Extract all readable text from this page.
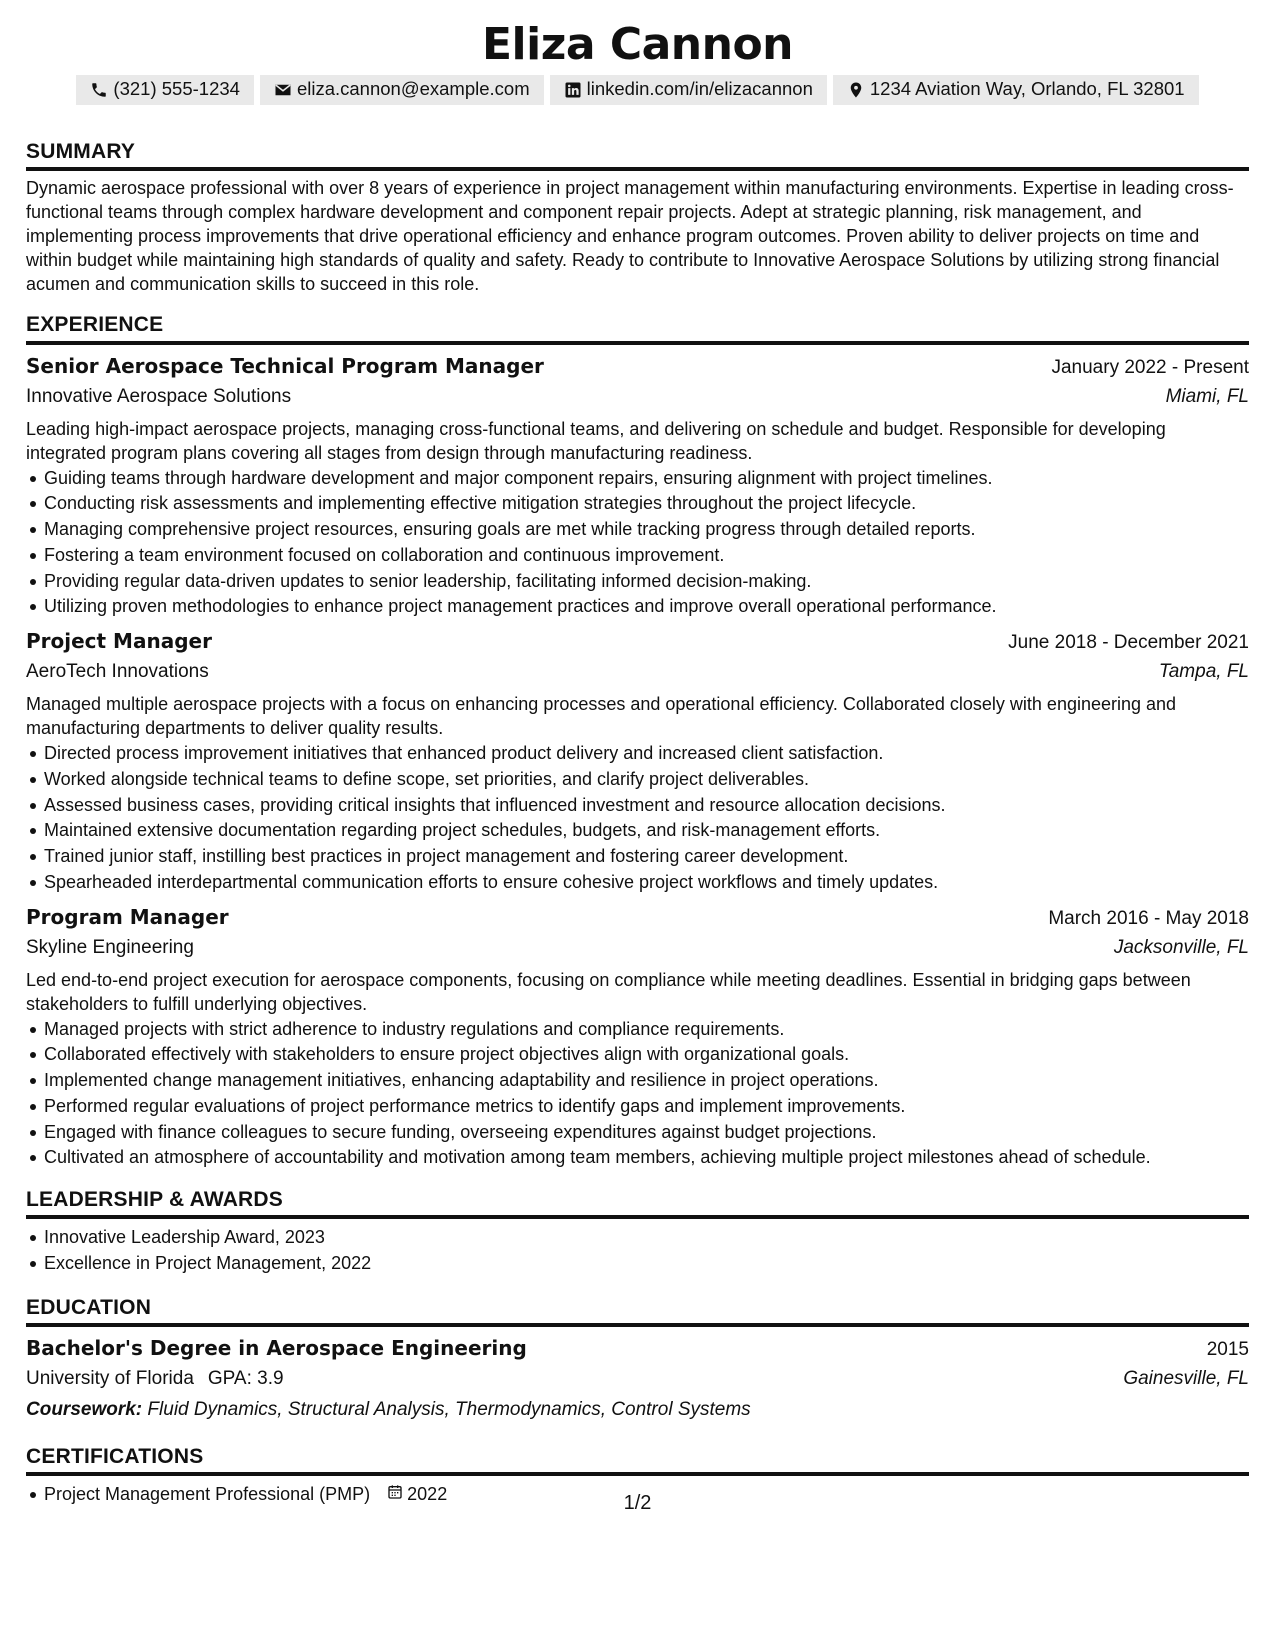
Eliza Cannon
(321) 555-1234	eliza.cannon@example.com	linkedin.com/in/elizacannon	1234 Aviation Way, Orlando, FL 32801
SUMMARY

Dynamic aerospace professional with over 8 years of experience in project management within manufacturing environments. Expertise in leading cross-functional teams through complex hardware development and component repair projects. Adept at strategic planning, risk management, and implementing process improvements that drive operational efficiency and enhance program outcomes. Proven ability to deliver projects on time and within budget while maintaining high standards of quality and safety. Ready to contribute to Innovative Aerospace Solutions by utilizing strong financial acumen and communication skills to succeed in this role.

EXPERIENCE
Senior Aerospace Technical Program Manager	January 2022 - Present
Innovative Aerospace Solutions	Miami, FL

Leading high-impact aerospace projects, managing cross-functional teams, and delivering on schedule and budget. Responsible for developing integrated program plans covering all stages from design through manufacturing readiness.

Guiding teams through hardware development and major component repairs, ensuring alignment with project timelines.
Conducting risk assessments and implementing effective mitigation strategies throughout the project lifecycle.
Managing comprehensive project resources, ensuring goals are met while tracking progress through detailed reports.
Fostering a team environment focused on collaboration and continuous improvement.
Providing regular data-driven updates to senior leadership, facilitating informed decision-making.
Utilizing proven methodologies to enhance project management practices and improve overall operational performance.
Project Manager	June 2018 - December 2021
AeroTech Innovations	Tampa, FL

Managed multiple aerospace projects with a focus on enhancing processes and operational efficiency. Collaborated closely with engineering and manufacturing departments to deliver quality results.

Directed process improvement initiatives that enhanced product delivery and increased client satisfaction.
Worked alongside technical teams to define scope, set priorities, and clarify project deliverables.
Assessed business cases, providing critical insights that influenced investment and resource allocation decisions.
Maintained extensive documentation regarding project schedules, budgets, and risk-management efforts.
Trained junior staff, instilling best practices in project management and fostering career development.
Spearheaded interdepartmental communication efforts to ensure cohesive project workflows and timely updates.
Program Manager	March 2016 - May 2018
Skyline Engineering	Jacksonville, FL

Led end-to-end project execution for aerospace components, focusing on compliance while meeting deadlines. Essential in bridging gaps between stakeholders to fulfill underlying objectives.

Managed projects with strict adherence to industry regulations and compliance requirements.
Collaborated effectively with stakeholders to ensure project objectives align with organizational goals.
Implemented change management initiatives, enhancing adaptability and resilience in project operations.
Performed regular evaluations of project performance metrics to identify gaps and implement improvements.
Engaged with finance colleagues to secure funding, overseeing expenditures against budget projections.
Cultivated an atmosphere of accountability and motivation among team members, achieving multiple project milestones ahead of schedule.
LEADERSHIP & AWARDS
Innovative Leadership Award, 2023
Excellence in Project Management, 2022
EDUCATION
Bachelor's Degree in Aerospace Engineering	2015
University of Florida GPA: 3.9	Gainesville, FL
Coursework: Fluid Dynamics, Structural Analysis, Thermodynamics, Control Systems
CERTIFICATIONS
Project Management Professional (PMP) 2022	1/2
